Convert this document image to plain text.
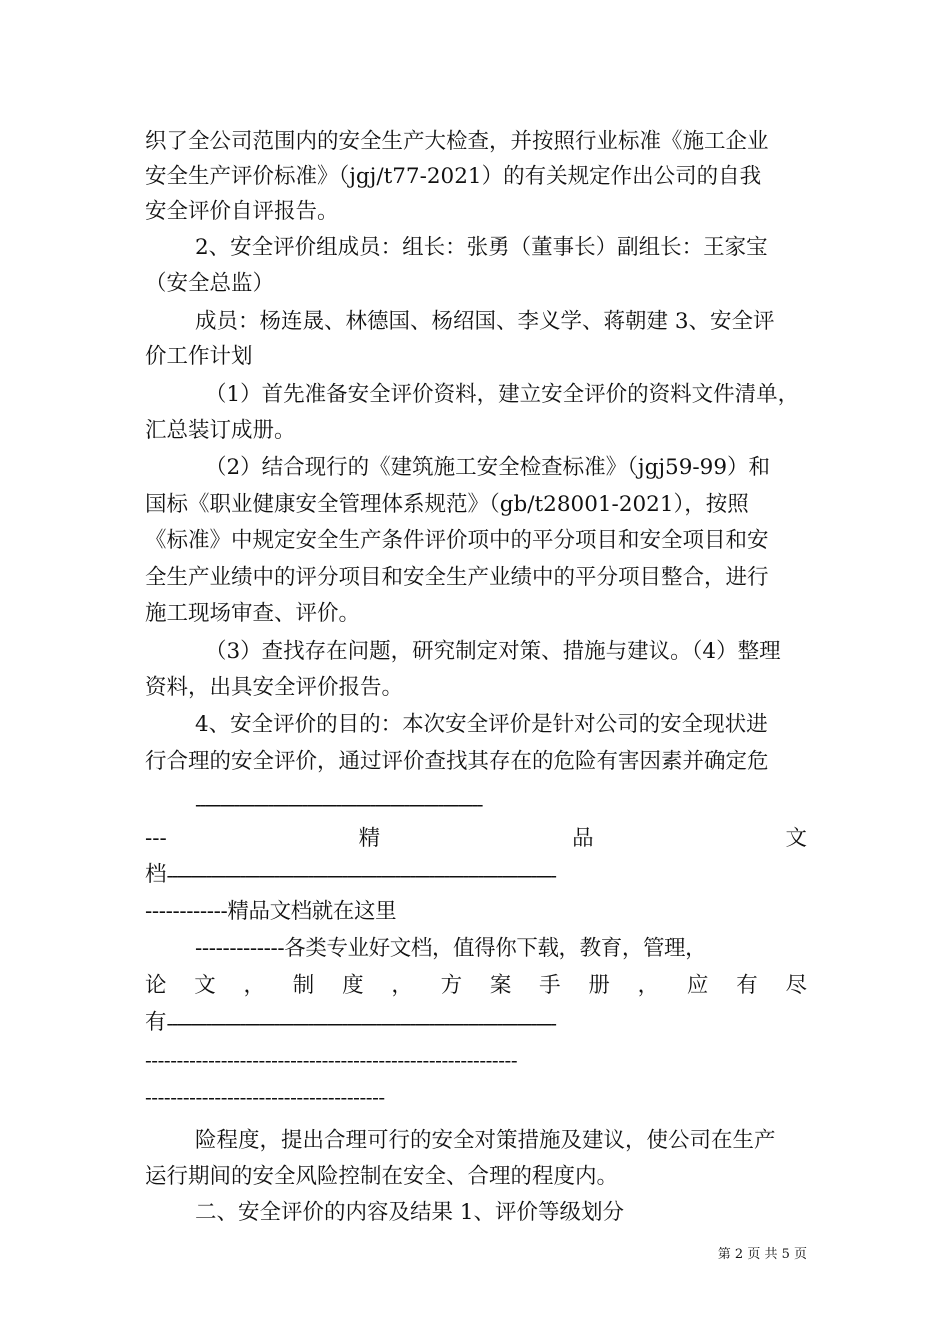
织了全公司范围内的安全生产大检查，并按照行业标准《施工企业
安全生产评价标准》（jgj/t77-2021）的有关规定作出公司的自我
安全评价自评报告。
2、安全评价组成员：组长：张勇（董事长）副组长：王家宝
（安全总监）
成员：杨连晟、林德国、杨绍国、李义学、蒋朝建 3、安全评
价工作计划
（1）首先准备安全评价资料，建立安全评价的资料文件清单，
汇总装订成册。
（2）结合现行的《建筑施工安全检查标准》（jgj59-99）和
国标《职业健康安全管理体系规范》（gb/t28001-2021），按照
《标准》中规定安全生产条件评价项中的平分项目和安全项目和安
全生产业绩中的评分项目和安全生产业绩中的平分项目整合，进行
施工现场审查、评价。
（3）查找存在问题，研究制定对策、措施与建议。（4）整理
资料，出具安全评价报告。
4、安全评价的目的：本次安全评价是针对公司的安全现状进
行合理的安全评价，通过评价查找其存在的危险有害因素并确定危
-----------------------------------------------------------
---	精	品	文
档 --------------------------------------------------------------------------------
------------精品文档就在这里
-------------各类专业好文档，值得你下载，教育，管理，
论 文 ， 制 度 ， 方 案 手 册 ， 应 有 尽
有 --------------------------------------------------------------------------------
-----------------------------------------------------------
--------------------------------------
险程度，提出合理可行的安全对策措施及建议，使公司在生产
运行期间的安全风险控制在安全、合理的程度内。
二、安全评价的内容及结果 1、评价等级划分
第 2 页 共 5 页
